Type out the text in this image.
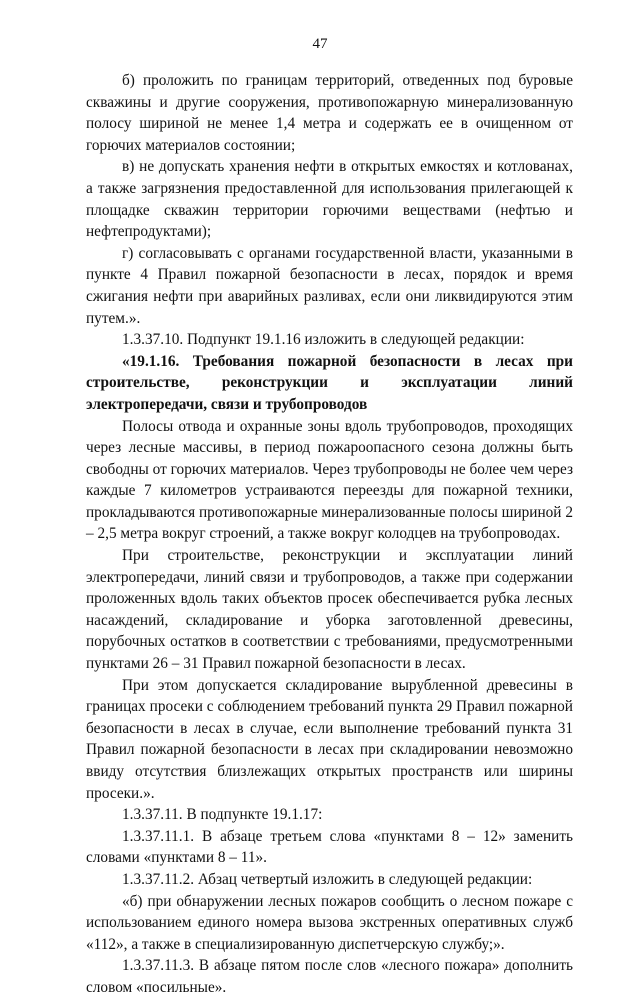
47

б) проложить по границам территорий, отведенных под буровые скважины и другие сооружения, противопожарную минерализованную полосу шириной не менее 1,4 метра и содержать ее в очищенном от горючих материалов состоянии;

в) не допускать хранения нефти в открытых емкостях и котлованах, а также загрязнения предоставленной для использования прилегающей к площадке скважин территории горючими веществами (нефтью и нефтепродуктами);

г) согласовывать с органами государственной власти, указанными в пункте 4 Правил пожарной безопасности в лесах, порядок и время сжигания нефти при аварийных разливах, если они ликвидируются этим путем.».

1.3.37.10. Подпункт 19.1.16 изложить в следующей редакции:

«19.1.16. Требования пожарной безопасности в лесах при строительстве, реконструкции и эксплуатации линий электропередачи, связи и трубопроводов

Полосы отвода и охранные зоны вдоль трубопроводов, проходящих через лесные массивы, в период пожароопасного сезона должны быть свободны от горючих материалов. Через трубопроводы не более чем через каждые 7 километров устраиваются переезды для пожарной техники, прокладываются противопожарные минерализованные полосы шириной 2 – 2,5 метра вокруг строений, а также вокруг колодцев на трубопроводах.

При строительстве, реконструкции и эксплуатации линий электропередачи, линий связи и трубопроводов, а также при содержании проложенных вдоль таких объектов просек обеспечивается рубка лесных насаждений, складирование и уборка заготовленной древесины, порубочных остатков в соответствии с требованиями, предусмотренными пунктами 26 – 31 Правил пожарной безопасности в лесах.

При этом допускается складирование вырубленной древесины в границах просеки с соблюдением требований пункта 29 Правил пожарной безопасности в лесах в случае, если выполнение требований пункта 31 Правил пожарной безопасности в лесах при складировании невозможно ввиду отсутствия близлежащих открытых пространств или ширины просеки.».

1.3.37.11. В подпункте 19.1.17:

1.3.37.11.1. В абзаце третьем слова «пунктами 8 – 12» заменить словами «пунктами 8 – 11».

1.3.37.11.2. Абзац четвертый изложить в следующей редакции:

«б) при обнаружении лесных пожаров сообщить о лесном пожаре с использованием единого номера вызова экстренных оперативных служб «112», а также в специализированную диспетчерскую службу;».

1.3.37.11.3. В абзаце пятом после слов «лесного пожара» дополнить словом «посильные».
